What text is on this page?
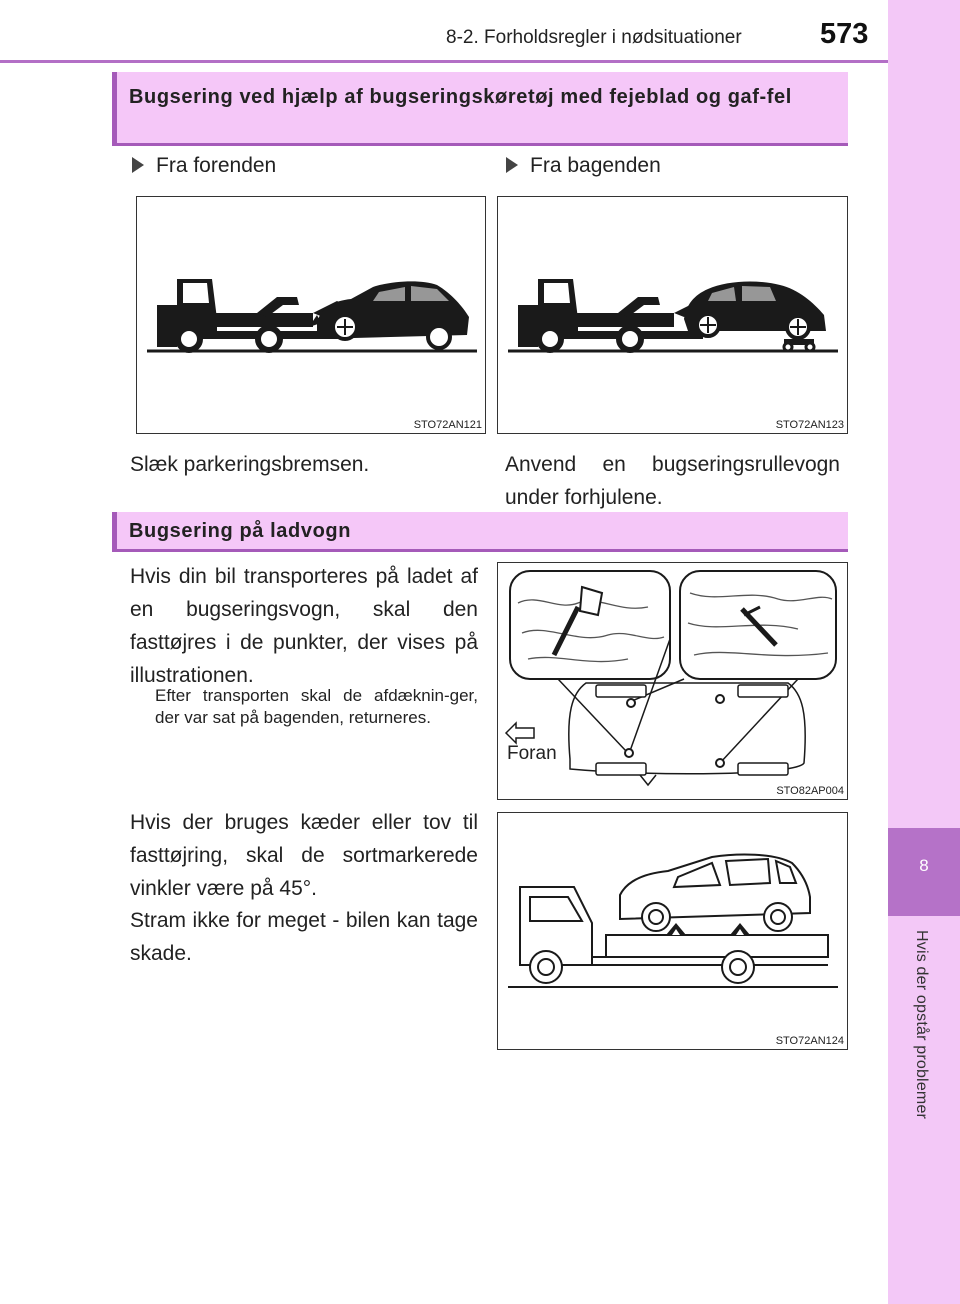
8-2. Forholdsregler i nødsituationer	573
8
Hvis der opstår problemer
Bugsering ved hjælp af bugseringskøretøj med fejeblad og gaf-fel
Fra forenden	Fra bagenden
STO72AN121	STO72AN123
Slæk parkeringsbremsen.	Anvend en bugseringsrullevogn under forhjulene.
Bugsering på ladvogn
Hvis din bil transporteres på ladet af en bugseringsvogn, skal den fasttøjres i de punkter, der vises på illustrationen.
Efter transporten skal de afdæknin-ger, der var sat på bagenden, returneres.
Foran
STO82AP004
Hvis der bruges kæder eller tov til fasttøjring, skal de sortmarkerede vinkler være på 45°.
Stram ikke for meget - bilen kan tage skade.
STO72AN124
